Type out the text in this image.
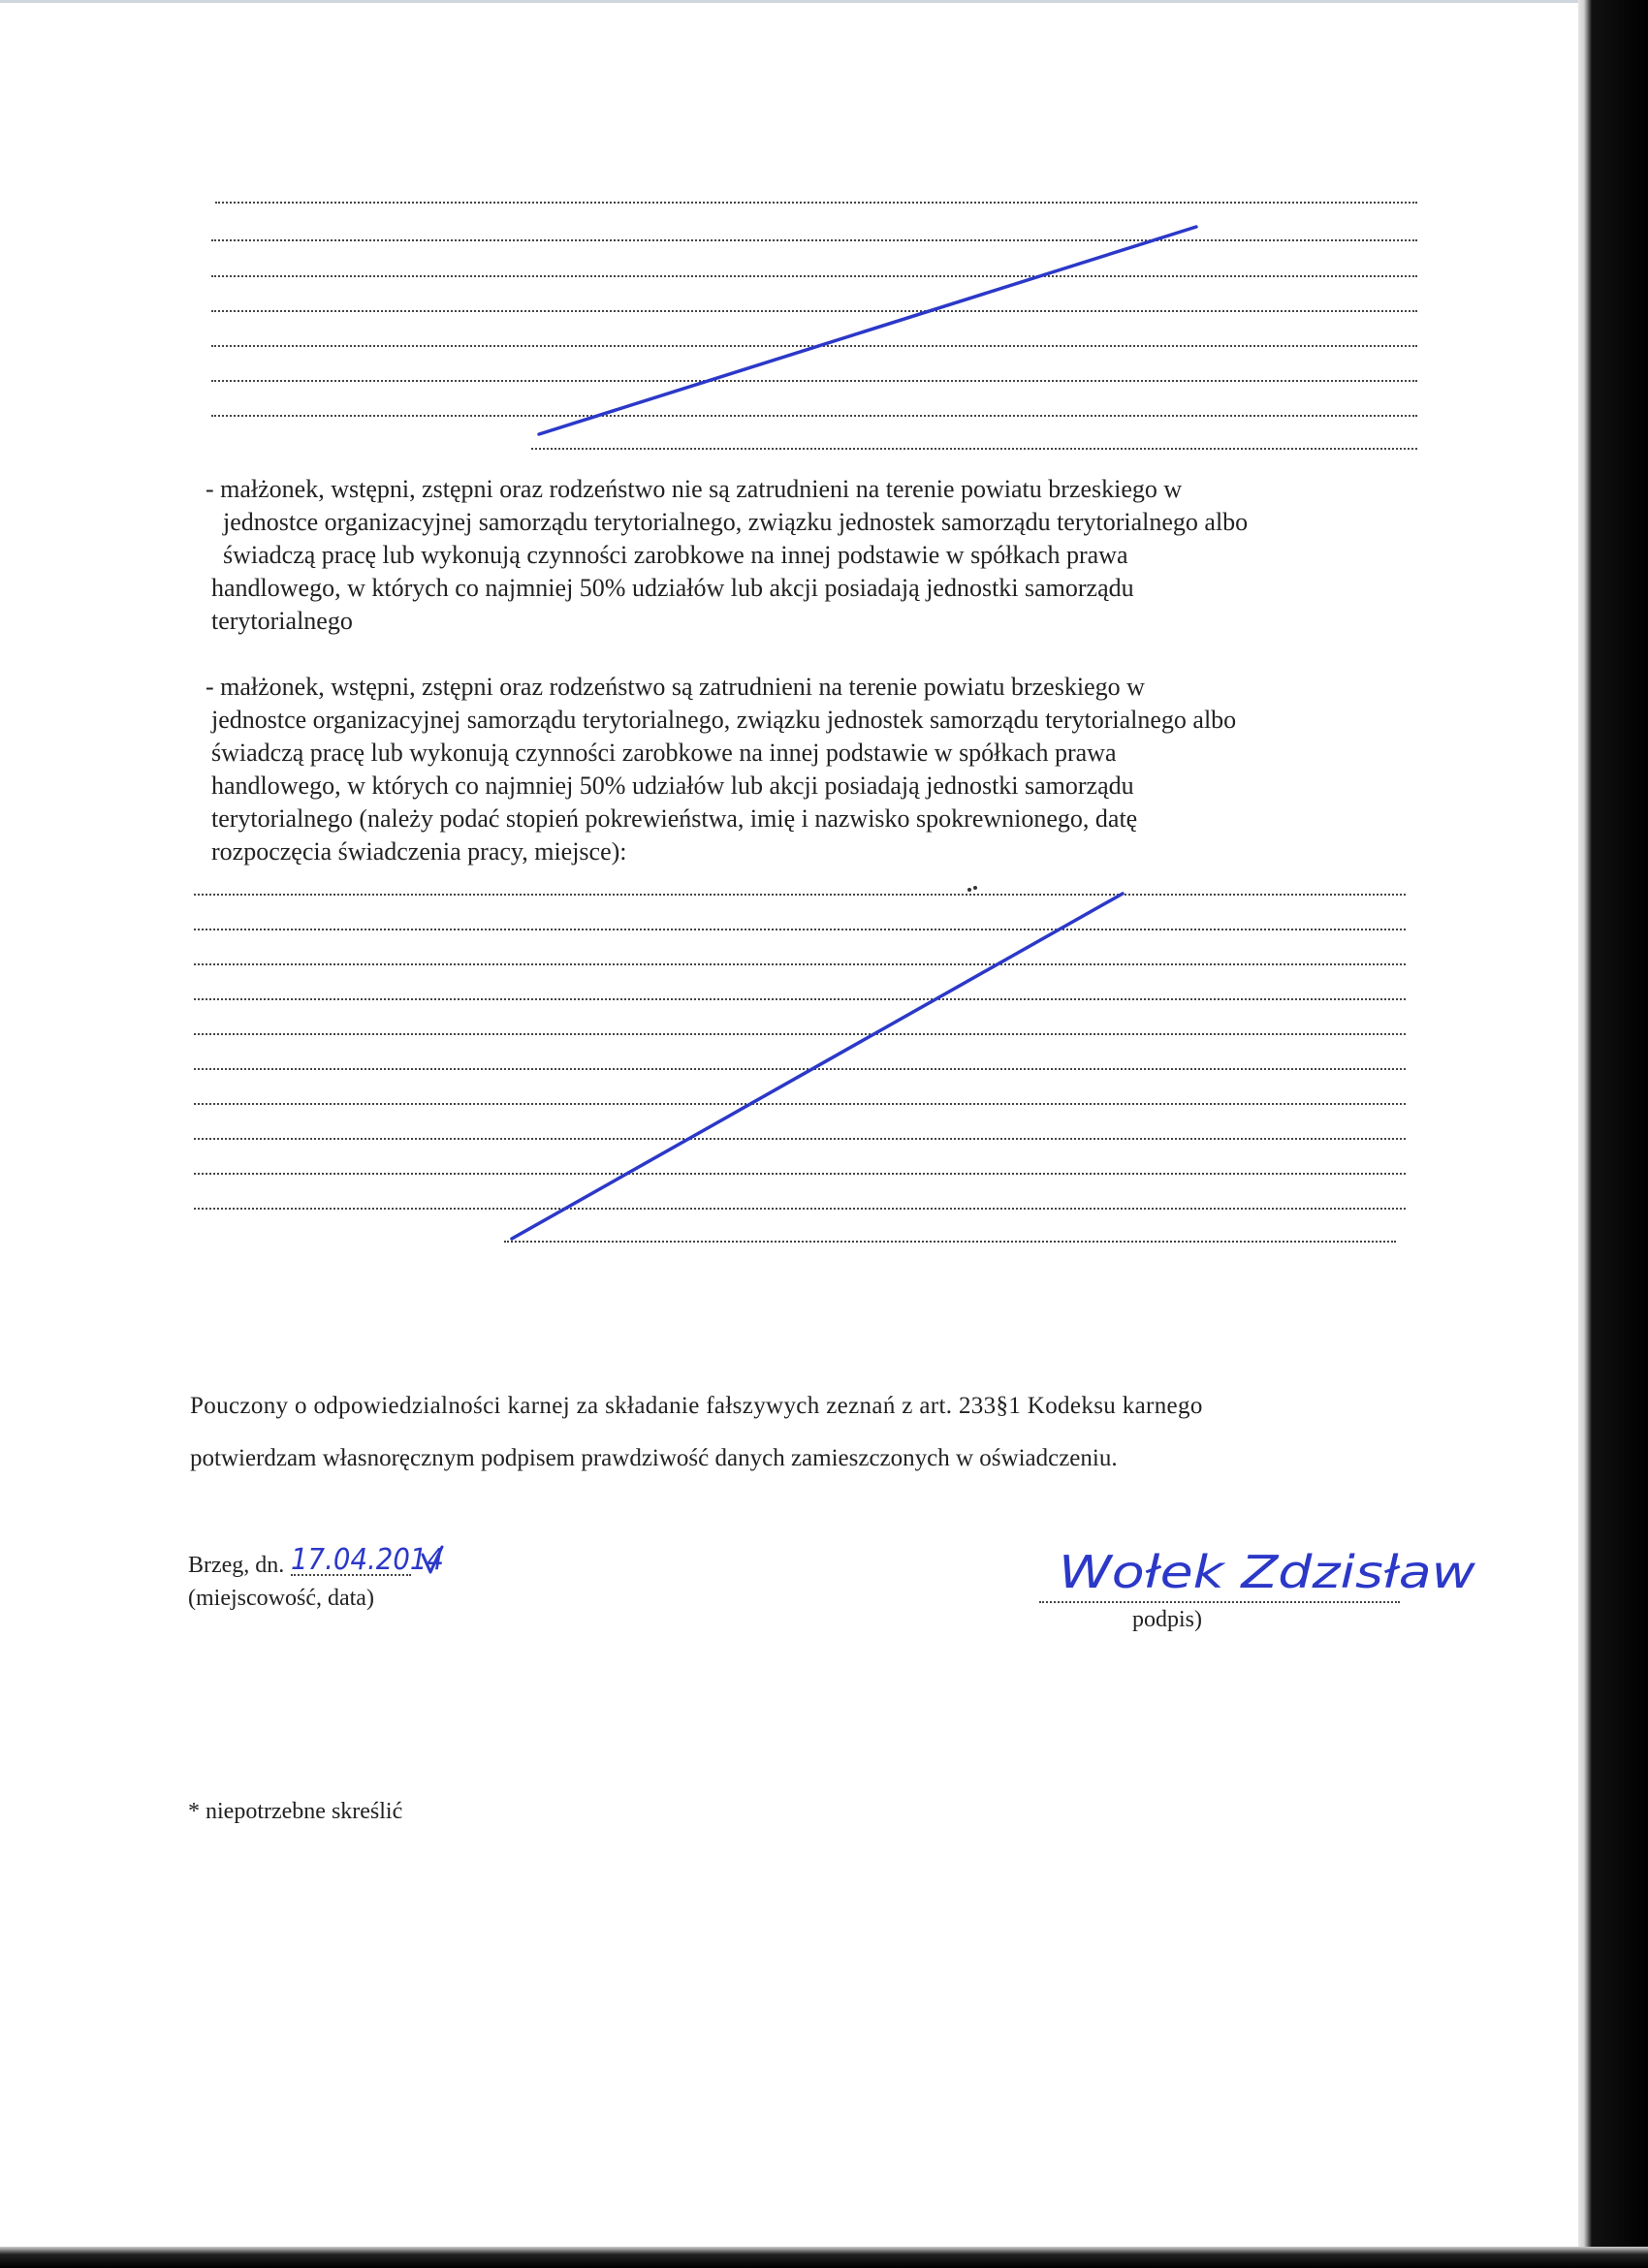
- małżonek, wstępni, zstępni oraz rodzeństwo nie są zatrudnieni na terenie powiatu brzeskiego w
jednostce organizacyjnej samorządu terytorialnego, związku jednostek samorządu terytorialnego albo
świadczą pracę lub wykonują czynności zarobkowe na innej podstawie w spółkach prawa
handlowego, w których co najmniej 50% udziałów lub akcji posiadają jednostki samorządu
terytorialnego
- małżonek, wstępni, zstępni oraz rodzeństwo są zatrudnieni na terenie powiatu brzeskiego w
jednostce organizacyjnej samorządu terytorialnego, związku jednostek samorządu terytorialnego albo
świadczą pracę lub wykonują czynności zarobkowe na innej podstawie w spółkach prawa
handlowego, w których co najmniej 50% udziałów lub akcji posiadają jednostki samorządu
terytorialnego (należy podać stopień pokrewieństwa, imię i nazwisko spokrewnionego, datę
rozpoczęcia świadczenia pracy, miejsce):
Pouczony o odpowiedzialności karnej za składanie fałszywych zeznań z art. 233§1 Kodeksu karnego
potwierdzam własnoręcznym podpisem prawdziwość danych zamieszczonych w oświadczeniu.
Brzeg, dn.
(miejscowość, data)
podpis)
* niepotrzebne skreślić
17.04.2014	Wołek Zdzisław
